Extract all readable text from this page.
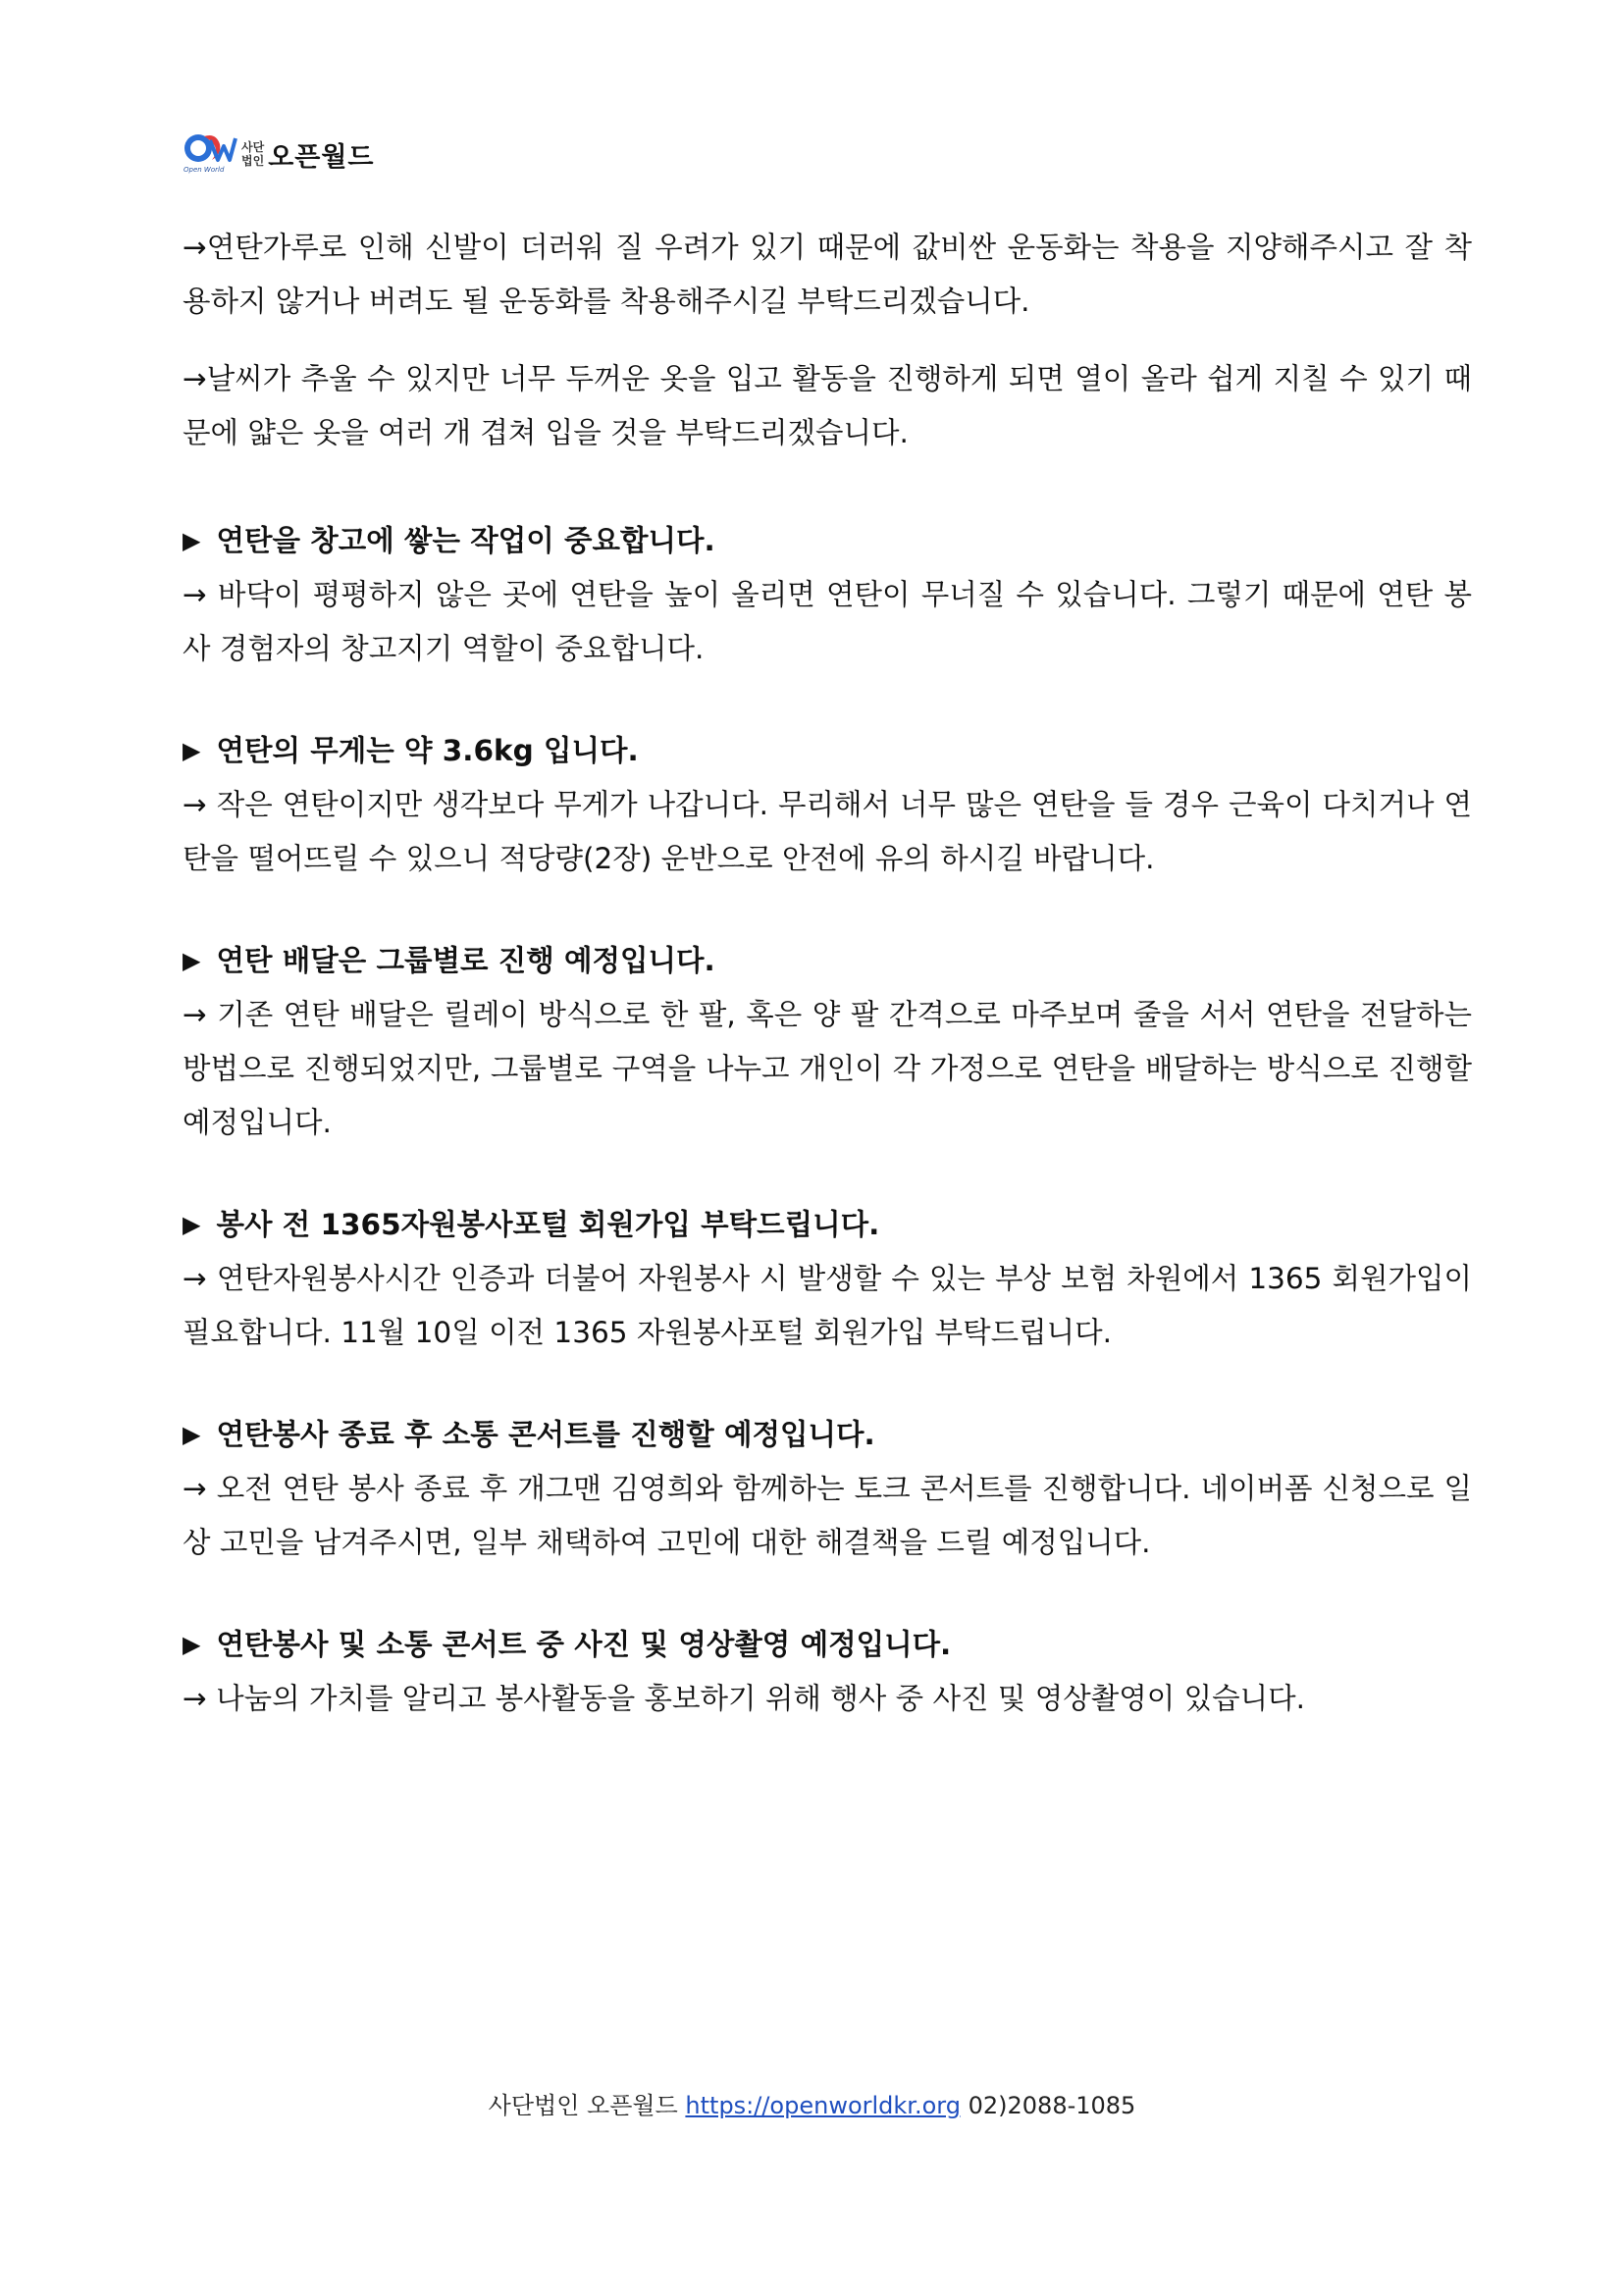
Open World
사단
법인 오픈월드

→연탄가루로 인해 신발이 더러워 질 우려가 있기 때문에 값비싼 운동화는 착용을 지양해주시고 잘 착용하지 않거나 버려도 될 운동화를 착용해주시길 부탁드리겠습니다.

→날씨가 추울 수 있지만 너무 두꺼운 옷을 입고 활동을 진행하게 되면 열이 올라 쉽게 지칠 수 있기 때문에 얇은 옷을 여러 개 겹쳐 입을 것을 부탁드리겠습니다.

▶ 연탄을 창고에 쌓는 작업이 중요합니다.

→ 바닥이 평평하지 않은 곳에 연탄을 높이 올리면 연탄이 무너질 수 있습니다. 그렇기 때문에 연탄 봉사 경험자의 창고지기 역할이 중요합니다.

▶ 연탄의 무게는 약 3.6kg 입니다.

→ 작은 연탄이지만 생각보다 무게가 나갑니다. 무리해서 너무 많은 연탄을 들 경우 근육이 다치거나 연탄을 떨어뜨릴 수 있으니 적당량(2장) 운반으로 안전에 유의 하시길 바랍니다.

▶ 연탄 배달은 그룹별로 진행 예정입니다.

→ 기존 연탄 배달은 릴레이 방식으로 한 팔, 혹은 양 팔 간격으로 마주보며 줄을 서서 연탄을 전달하는 방법으로 진행되었지만, 그룹별로 구역을 나누고 개인이 각 가정으로 연탄을 배달하는 방식으로 진행할 예정입니다.

▶ 봉사 전 1365자원봉사포털 회원가입 부탁드립니다.

→ 연탄자원봉사시간 인증과 더불어 자원봉사 시 발생할 수 있는 부상 보험 차원에서 1365 회원가입이 필요합니다. 11월 10일 이전 1365 자원봉사포털 회원가입 부탁드립니다.

▶ 연탄봉사 종료 후 소통 콘서트를 진행할 예정입니다.

→ 오전 연탄 봉사 종료 후 개그맨 김영희와 함께하는 토크 콘서트를 진행합니다. 네이버폼 신청으로 일상 고민을 남겨주시면, 일부 채택하여 고민에 대한 해결책을 드릴 예정입니다.

▶ 연탄봉사 및 소통 콘서트 중 사진 및 영상촬영 예정입니다.

→ 나눔의 가치를 알리고 봉사활동을 홍보하기 위해 행사 중 사진 및 영상촬영이 있습니다.

사단법인 오픈월드 https://openworldkr.org 02)2088-1085
